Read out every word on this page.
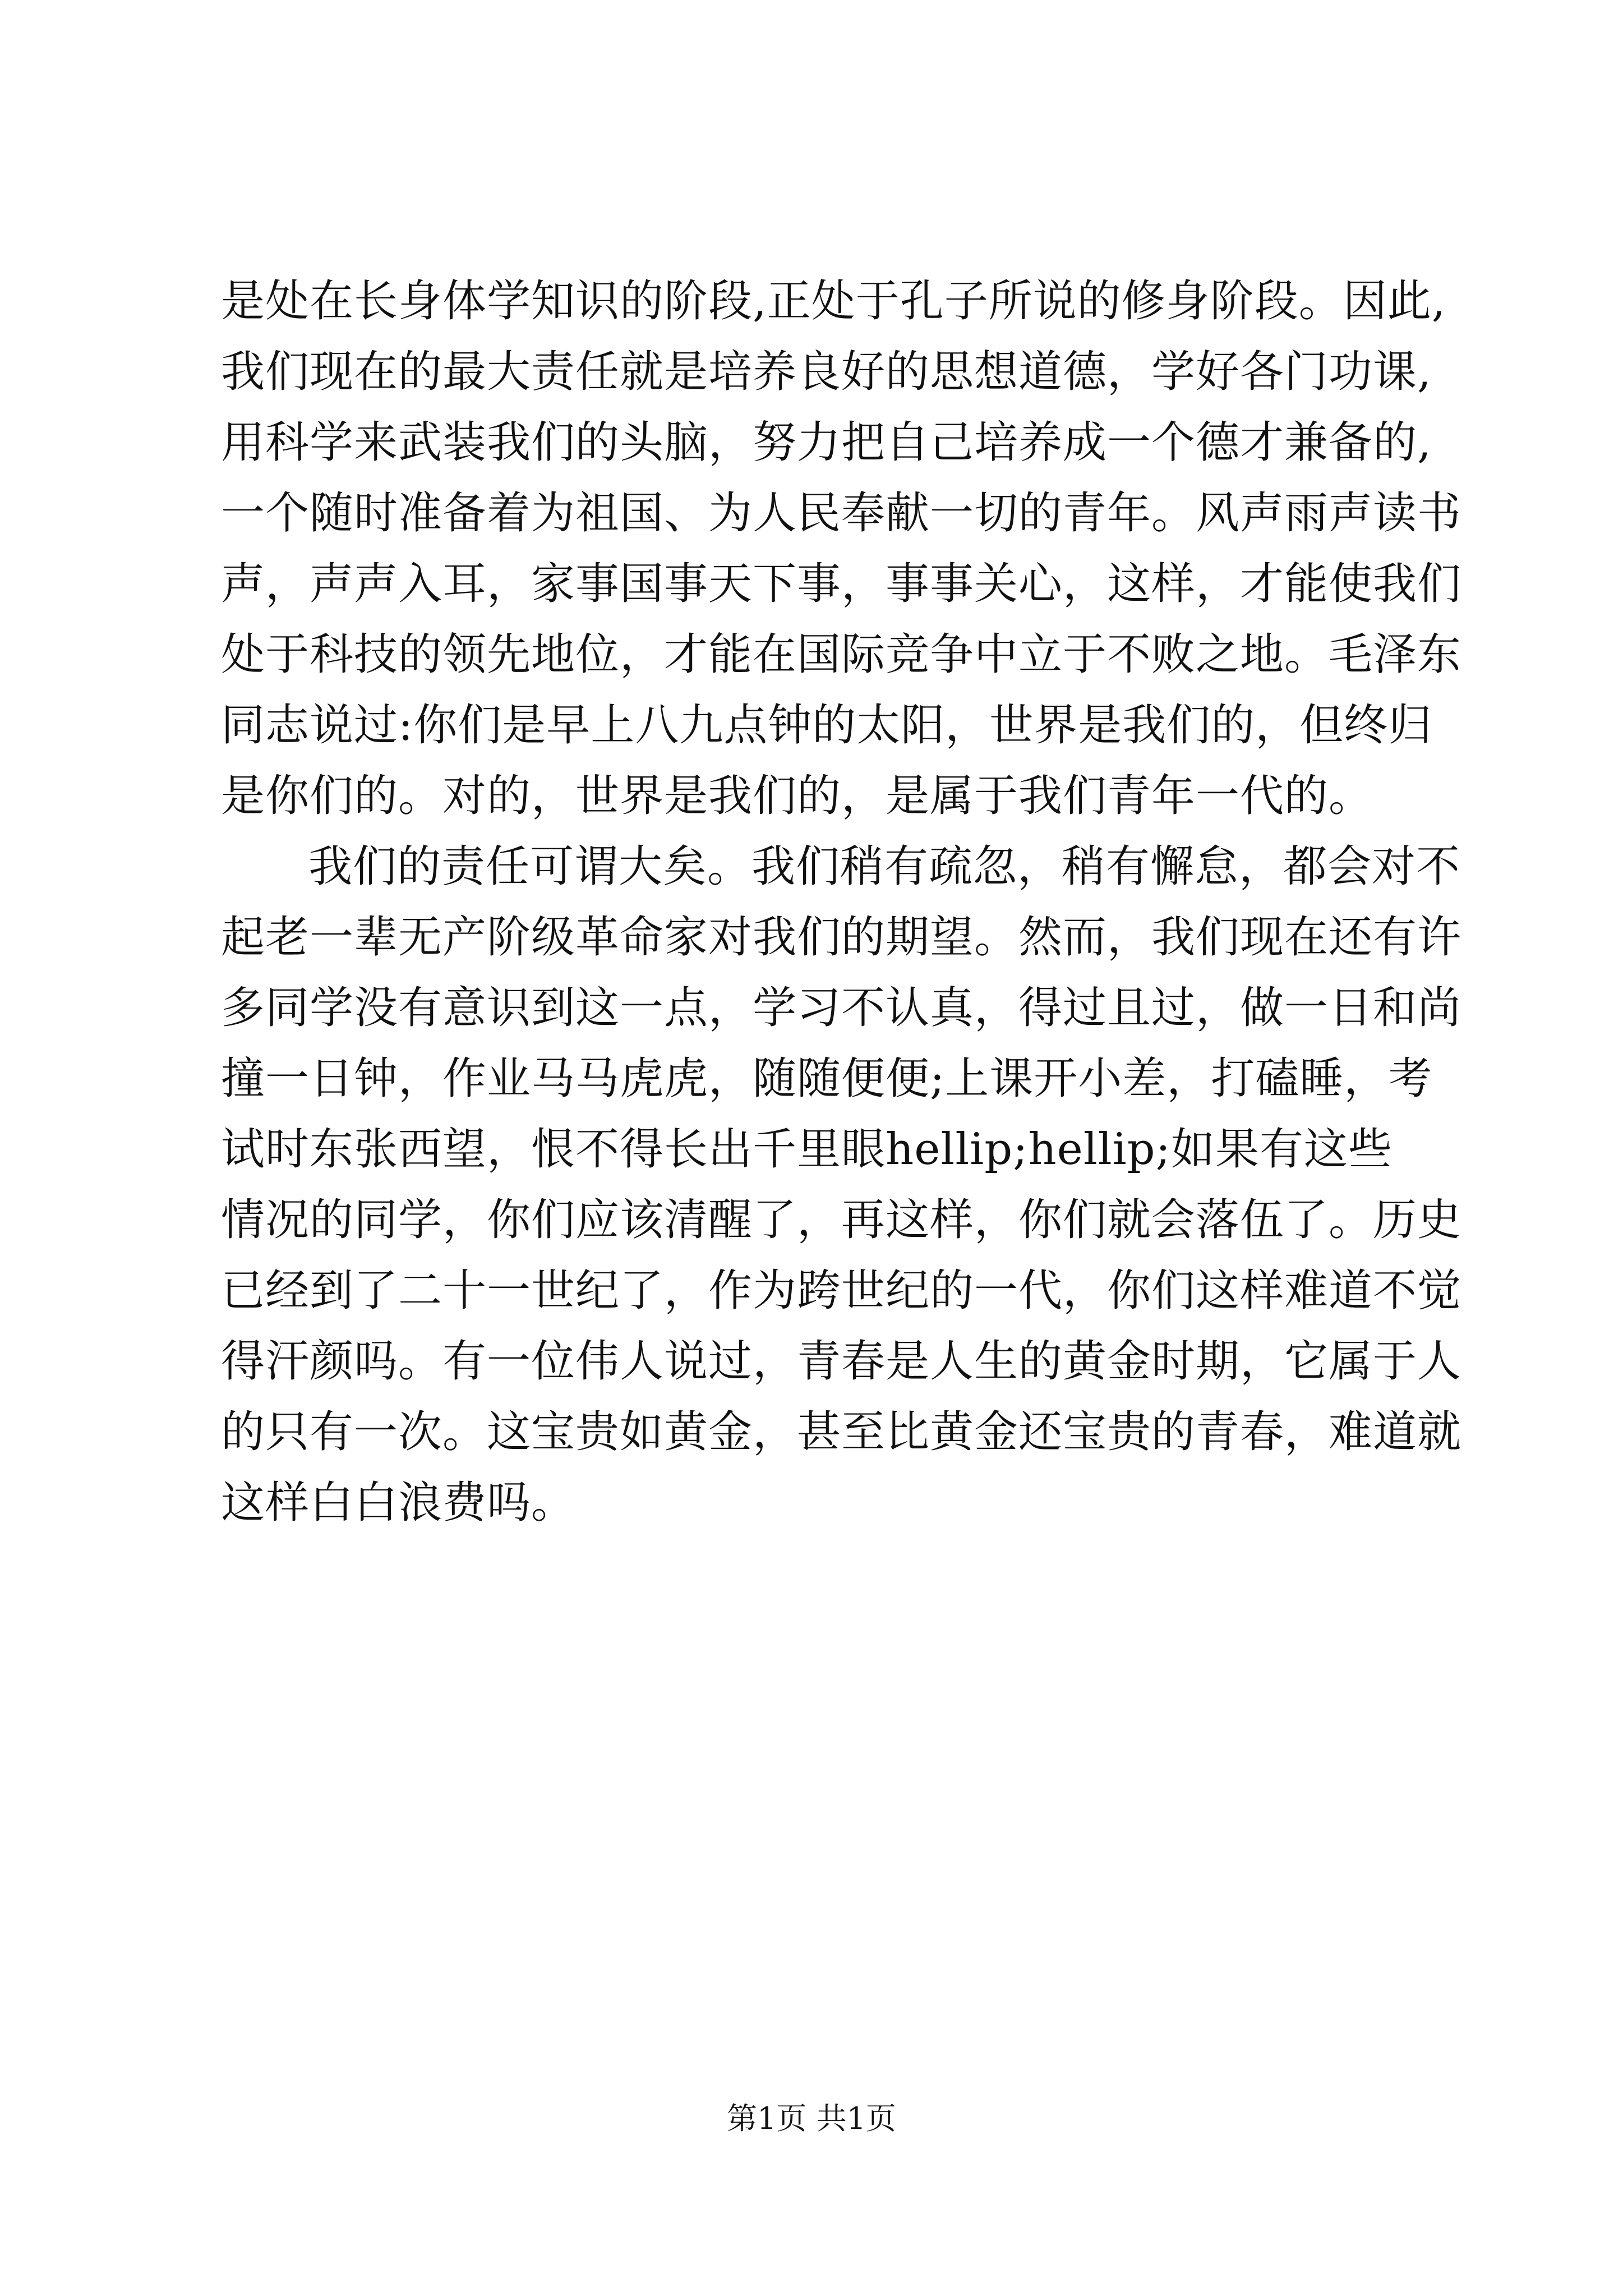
是处在长身体学知识的阶段,正处于孔子所说的修身阶段。因此,
我们现在的最大责任就是培养良好的思想道德，学好各门功课,
用科学来武装我们的头脑，努力把自己培养成一个德才兼备的,
一个随时准备着为祖国、为人民奉献一切的青年。风声雨声读书
声，声声入耳，家事国事天下事，事事关心，这样，才能使我们
处于科技的领先地位，才能在国际竞争中立于不败之地。毛泽东
同志说过:你们是早上八九点钟的太阳，世界是我们的，但终归
是你们的。对的，世界是我们的，是属于我们青年一代的。
我们的责任可谓大矣。我们稍有疏忽，稍有懈怠，都会对不
起老一辈无产阶级革命家对我们的期望。然而，我们现在还有许
多同学没有意识到这一点，学习不认真，得过且过，做一日和尚
撞一日钟，作业马马虎虎，随随便便;上课开小差，打磕睡，考
试时东张西望，恨不得长出千里眼hellip;hellip;如果有这些
情况的同学，你们应该清醒了，再这样，你们就会落伍了。历史
已经到了二十一世纪了，作为跨世纪的一代，你们这样难道不觉
得汗颜吗。有一位伟人说过，青春是人生的黄金时期，它属于人
的只有一次。这宝贵如黄金，甚至比黄金还宝贵的青春，难道就
这样白白浪费吗。
第1页 共1页
